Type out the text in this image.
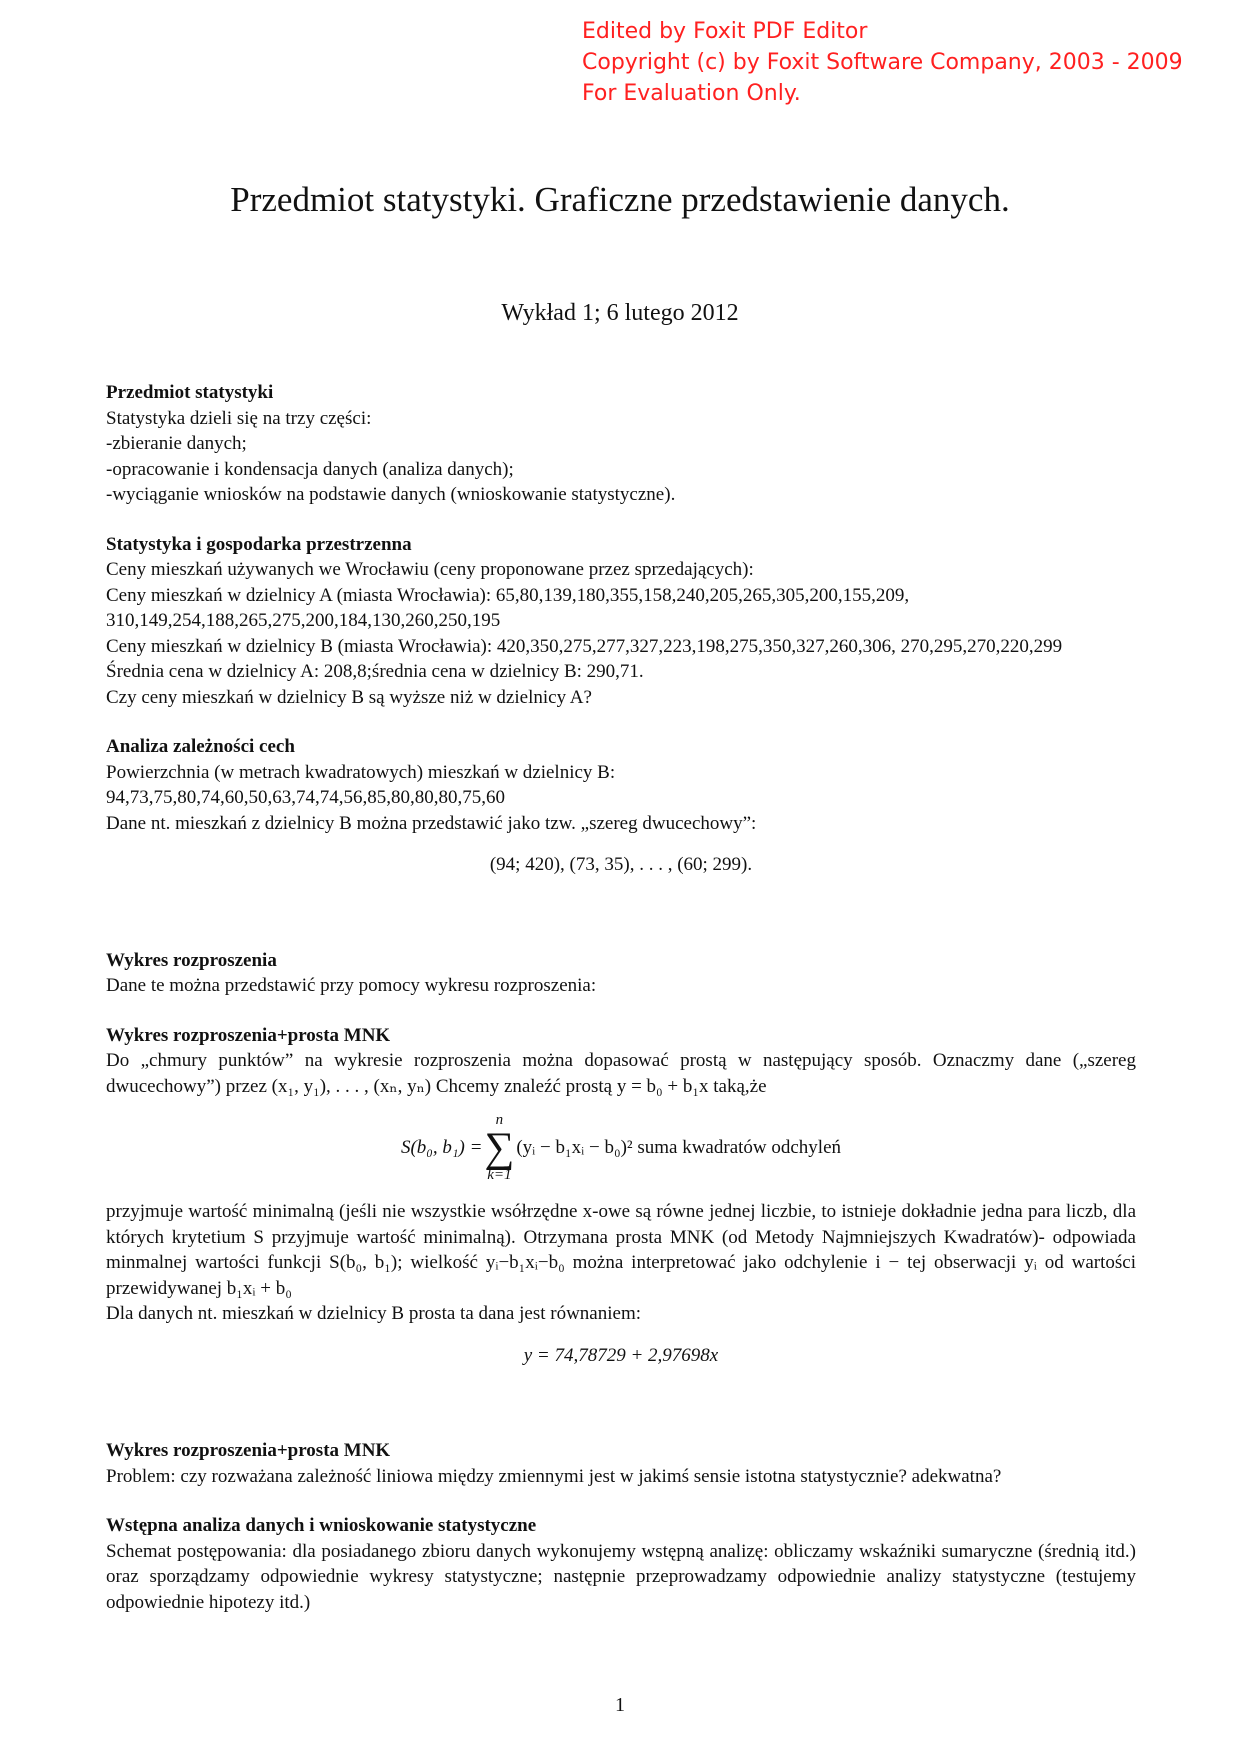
Edited by Foxit PDF Editor
Copyright (c) by Foxit Software Company, 2003 - 2009
For Evaluation Only.
Przedmiot statystyki. Graficzne przedstawienie danych.
Wykład 1; 6 lutego 2012
Przedmiot statystyki

Statystyka dzieli się na trzy części:

-zbieranie danych;

-opracowanie i kondensacja danych (analiza danych);

-wyciąganie wniosków na podstawie danych (wnioskowanie statystyczne).

Statystyka i gospodarka przestrzenna

Ceny mieszkań używanych we Wrocławiu (ceny proponowane przez sprzedających):

Ceny mieszkań w dzielnicy A (miasta Wrocławia): 65,80,139,180,355,158,240,205,265,305,200,155,209,

310,149,254,188,265,275,200,184,130,260,250,195

Ceny mieszkań w dzielnicy B (miasta Wrocławia): 420,350,275,277,327,223,198,275,350,327,260,306, 270,295,270,220,299

Średnia cena w dzielnicy A: 208,8;średnia cena w dzielnicy B: 290,71.

Czy ceny mieszkań w dzielnicy B są wyższe niż w dzielnicy A?

Analiza zależności cech

Powierzchnia (w metrach kwadratowych) mieszkań w dzielnicy B:

94,73,75,80,74,60,50,63,74,74,56,85,80,80,80,75,60

Dane nt. mieszkań z dzielnicy B można przedstawić jako tzw. „szereg dwucechowy”:

(94; 420), (73, 35), . . . , (60; 299).
Wykres rozproszenia

Dane te można przedstawić przy pomocy wykresu rozproszenia:

Wykres rozproszenia+prosta MNK

Do „chmury punktów” na wykresie rozproszenia można dopasować prostą w następujący sposób. Oznaczmy dane („szereg dwucechowy”) przez (x₁, y₁), . . . , (xₙ, yₙ) Chcemy znaleźć prostą y = b₀ + b₁x taką,że

S(b₀, b₁) =
n
∑
k=1
(yᵢ − b₁xᵢ − b₀)² suma kwadratów odchyleń

przyjmuje wartość minimalną (jeśli nie wszystkie wsółrzędne x-owe są równe jednej liczbie, to istnieje dokładnie jedna para liczb, dla których krytetium S przyjmuje wartość minimalną). Otrzymana prosta MNK (od Metody Najmniejszych Kwadratów)- odpowiada minmalnej wartości funkcji S(b₀, b₁); wielkość yᵢ−b₁xᵢ−b₀ można interpretować jako odchylenie i − tej obserwacji yᵢ od wartości przewidywanej b₁xᵢ + b₀

Dla danych nt. mieszkań w dzielnicy B prosta ta dana jest równaniem:

y = 74,78729 + 2,97698x
Wykres rozproszenia+prosta MNK

Problem: czy rozważana zależność liniowa między zmiennymi jest w jakimś sensie istotna statystycznie? adekwatna?

Wstępna analiza danych i wnioskowanie statystyczne

Schemat postępowania: dla posiadanego zbioru danych wykonujemy wstępną analizę: obliczamy wskaźniki sumaryczne (średnią itd.) oraz sporządzamy odpowiednie wykresy statystyczne; następnie przeprowadzamy odpowiednie analizy statystyczne (testujemy odpowiednie hipotezy itd.)

1
